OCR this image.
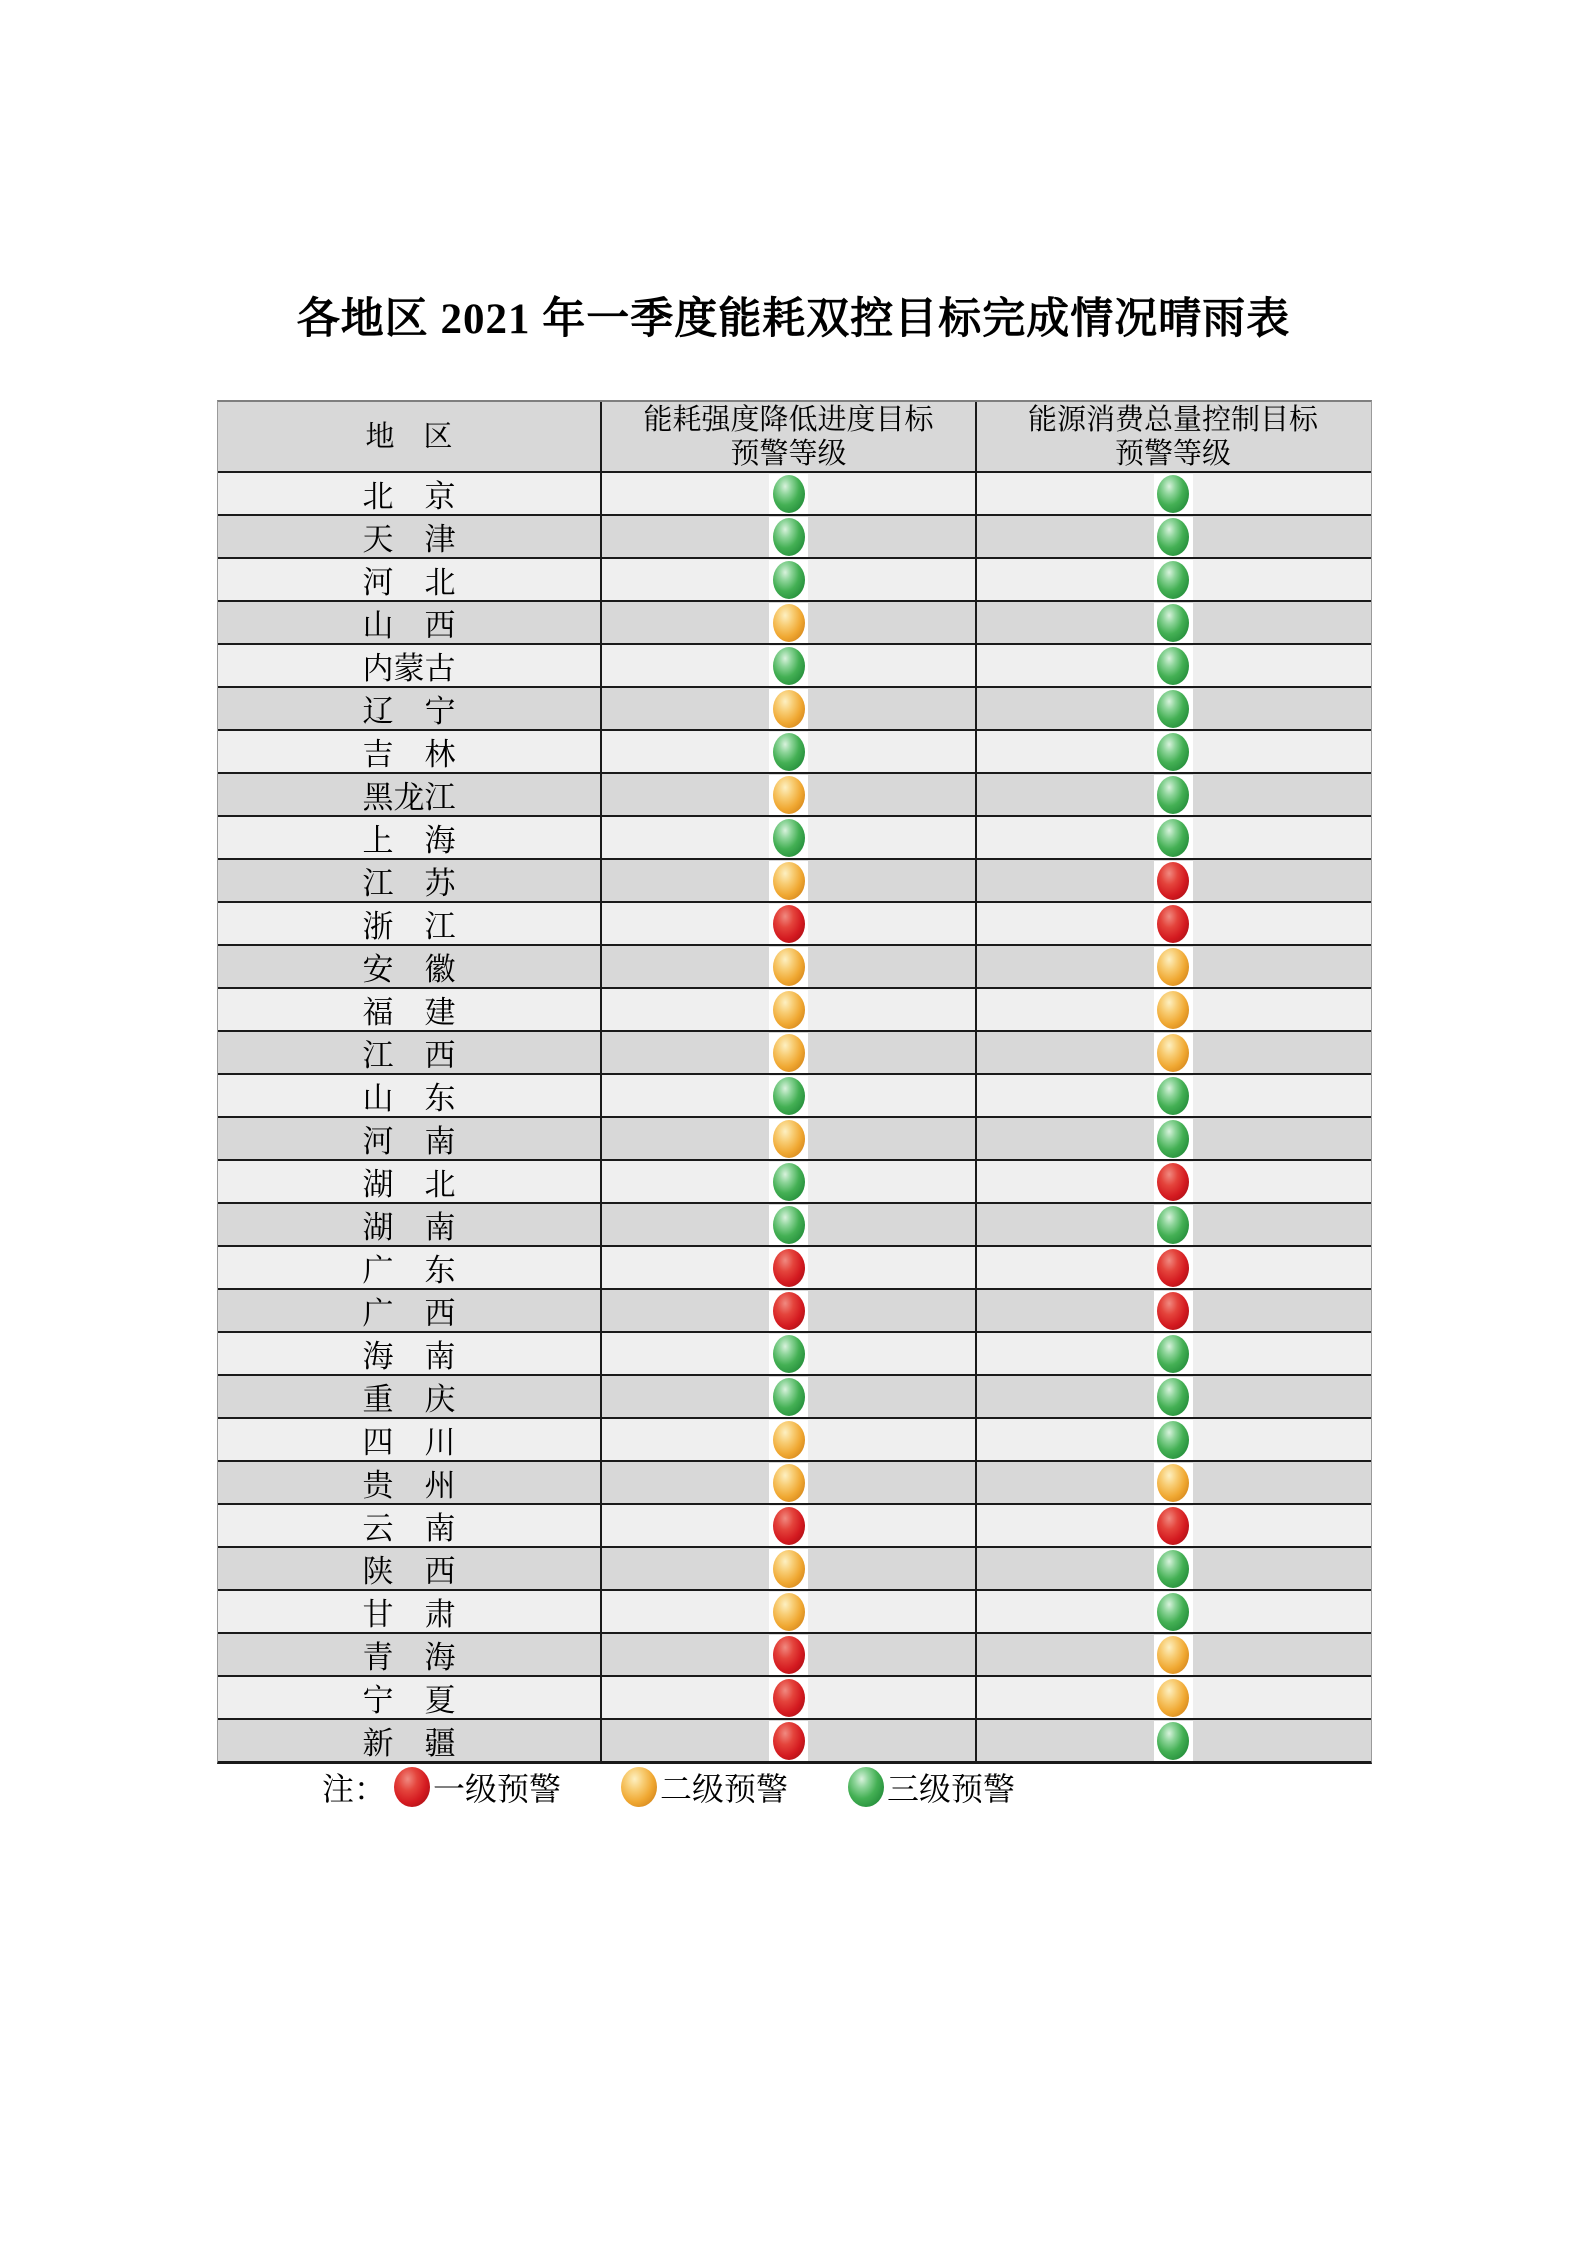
各地区 2021 年一季度能耗双控目标完成情况晴雨表
地　区
能耗强度降低进度目标
预警等级
能源消费总量控制目标
预警等级
北　京
天　津
河　北
山　西
内蒙古
辽　宁
吉　林
黑龙江
上　海
江　苏
浙　江
安　徽
福　建
江　西
山　东
河　南
湖　北
湖　南
广　东
广　西
海　南
重　庆
四　川
贵　州
云　南
陕　西
甘　肃
青　海
宁　夏
新　疆
注： 一级预警	二级预警	三级预警
